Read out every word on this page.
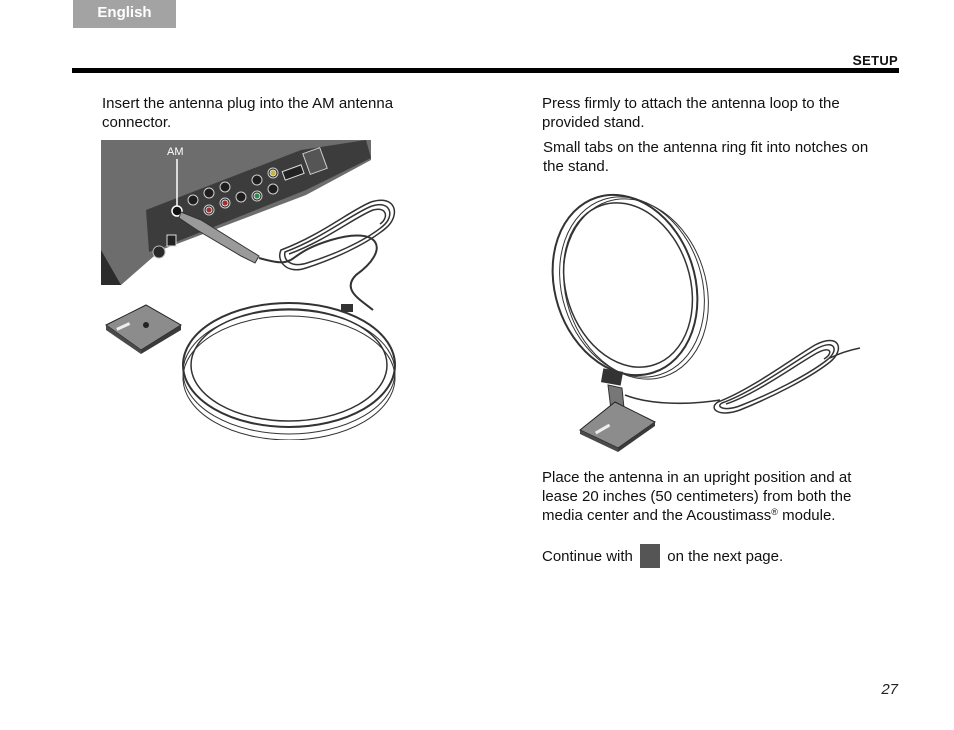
English
SETUP
Insert the antenna plug into the AM antenna connector.
AM
Press firmly to attach the antenna loop to the provided stand.
Small tabs on the antenna ring fit into notches on the stand.
Place the antenna in an upright position and at lease 20 inches (50 centimeters) from both the media center and the Acoustimass® module.
Continue with on the next page.
27
